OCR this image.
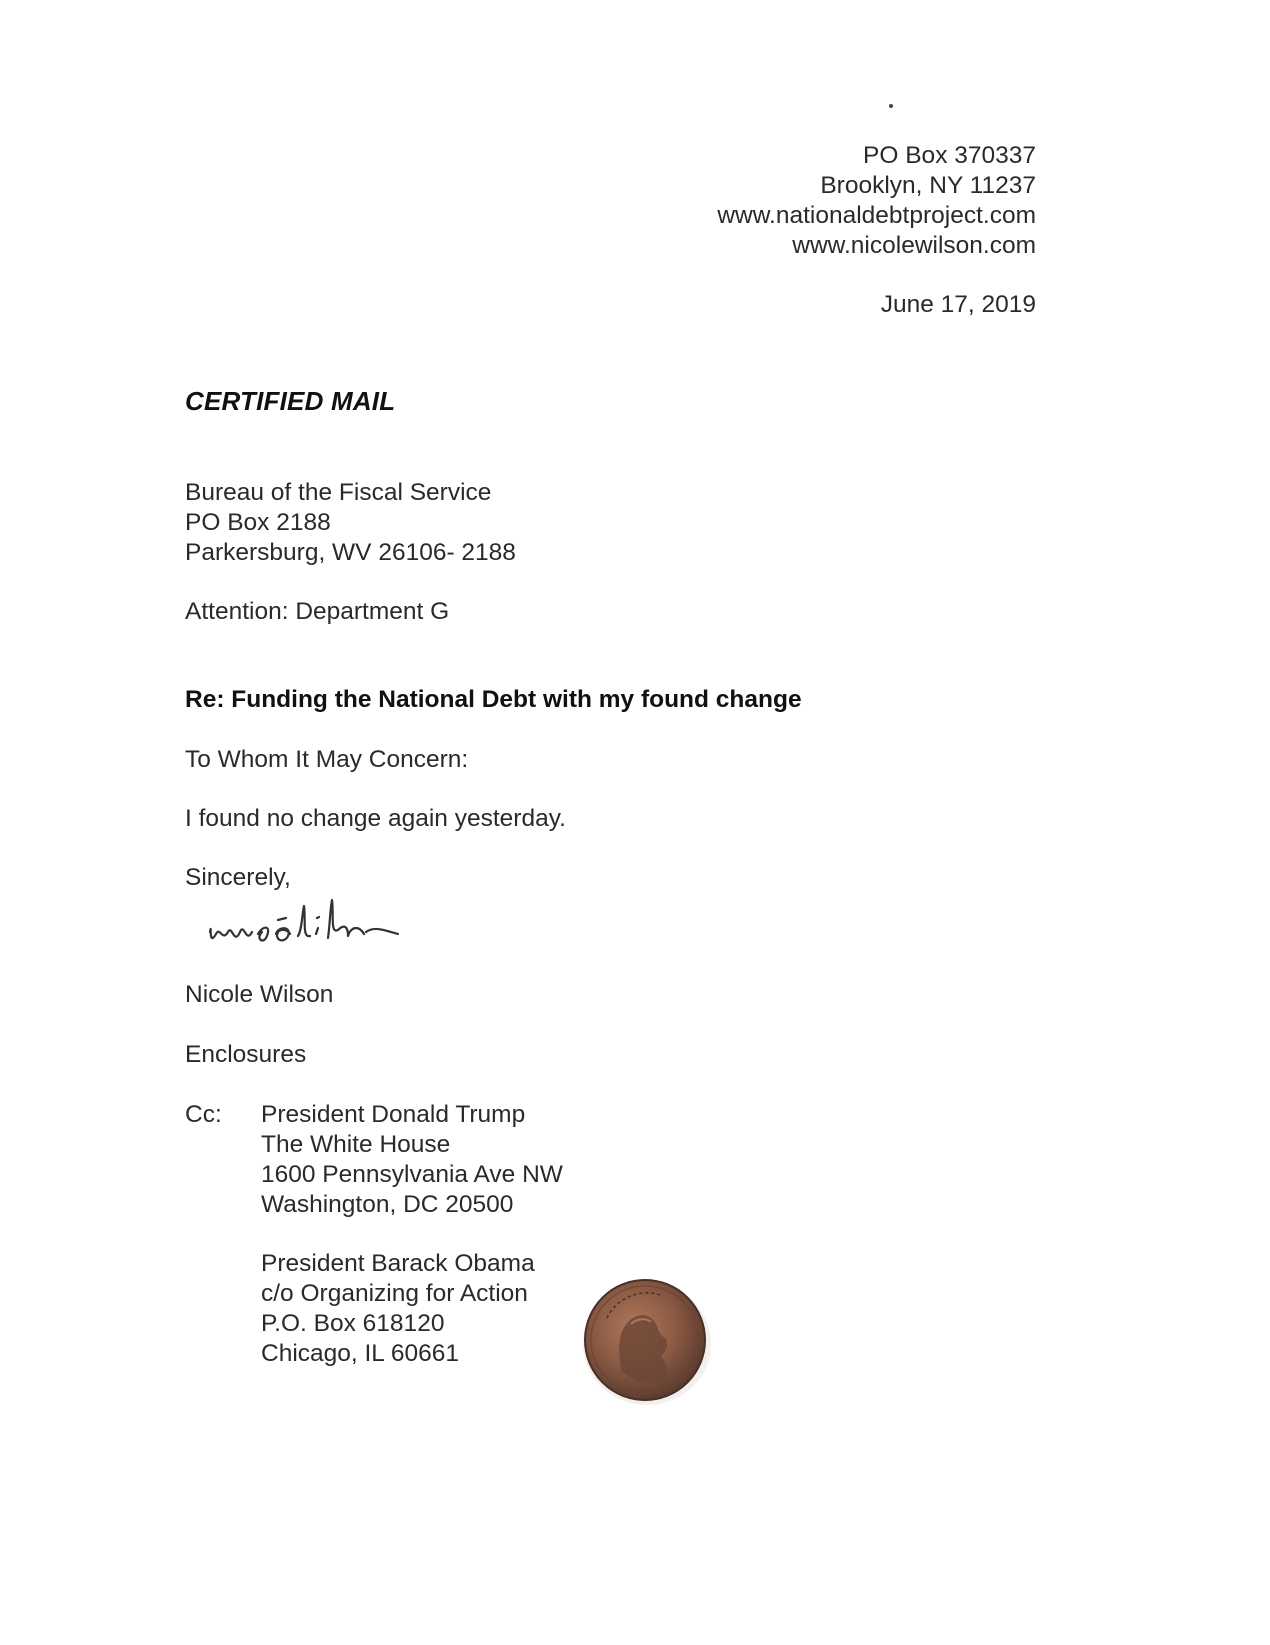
PO Box 370337
Brooklyn, NY 11237
www.nationaldebtproject.com
www.nicolewilson.com
June 17, 2019
CERTIFIED MAIL
Bureau of the Fiscal Service
PO Box 2188
Parkersburg, WV 26106- 2188
Attention: Department G
Re: Funding the National Debt with my found change
To Whom It May Concern:
I found no change again yesterday.
Sincerely,
Nicole Wilson
Enclosures
Cc: President Donald Trump
The White House
1600 Pennsylvania Ave NW
Washington, DC 20500
President Barack Obama
c/o Organizing for Action
P.O. Box 618120
Chicago, IL 60661
